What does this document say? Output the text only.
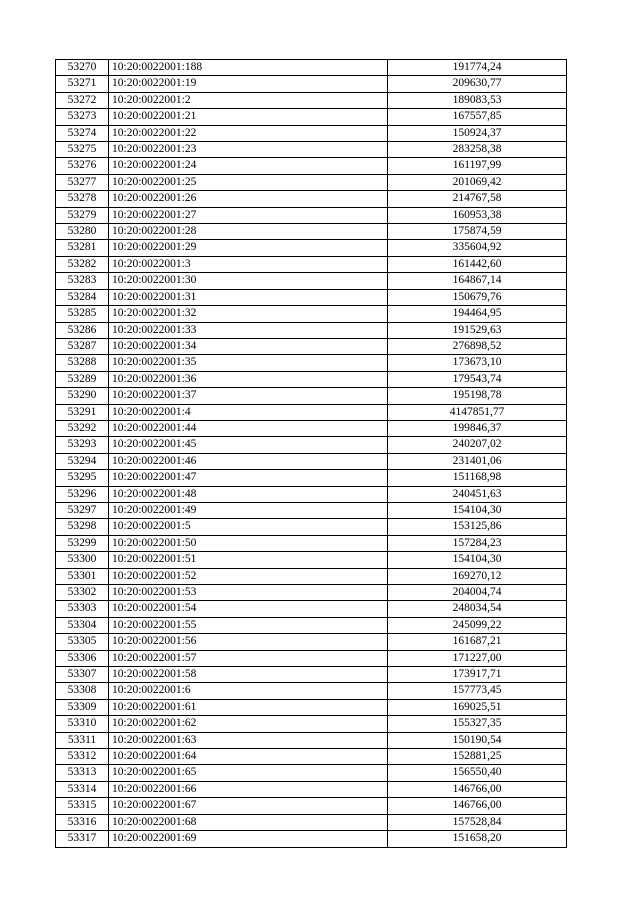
53270	10:20:0022001:188	191774,24
53271	10:20:0022001:19	209630,77
53272	10:20:0022001:2	189083,53
53273	10:20:0022001:21	167557,85
53274	10:20:0022001:22	150924,37
53275	10:20:0022001:23	283258,38
53276	10:20:0022001:24	161197,99
53277	10:20:0022001:25	201069,42
53278	10:20:0022001:26	214767,58
53279	10:20:0022001:27	160953,38
53280	10:20:0022001:28	175874,59
53281	10:20:0022001:29	335604,92
53282	10:20:0022001:3	161442,60
53283	10:20:0022001:30	164867,14
53284	10:20:0022001:31	150679,76
53285	10:20:0022001:32	194464,95
53286	10:20:0022001:33	191529,63
53287	10:20:0022001:34	276898,52
53288	10:20:0022001:35	173673,10
53289	10:20:0022001:36	179543,74
53290	10:20:0022001:37	195198,78
53291	10:20:0022001:4	4147851,77
53292	10:20:0022001:44	199846,37
53293	10:20:0022001:45	240207,02
53294	10:20:0022001:46	231401,06
53295	10:20:0022001:47	151168,98
53296	10:20:0022001:48	240451,63
53297	10:20:0022001:49	154104,30
53298	10:20:0022001:5	153125,86
53299	10:20:0022001:50	157284,23
53300	10:20:0022001:51	154104,30
53301	10:20:0022001:52	169270,12
53302	10:20:0022001:53	204004,74
53303	10:20:0022001:54	248034,54
53304	10:20:0022001:55	245099,22
53305	10:20:0022001:56	161687,21
53306	10:20:0022001:57	171227,00
53307	10:20:0022001:58	173917,71
53308	10:20:0022001:6	157773,45
53309	10:20:0022001:61	169025,51
53310	10:20:0022001:62	155327,35
53311	10:20:0022001:63	150190,54
53312	10:20:0022001:64	152881,25
53313	10:20:0022001:65	156550,40
53314	10:20:0022001:66	146766,00
53315	10:20:0022001:67	146766,00
53316	10:20:0022001:68	157528,84
53317	10:20:0022001:69	151658,20
